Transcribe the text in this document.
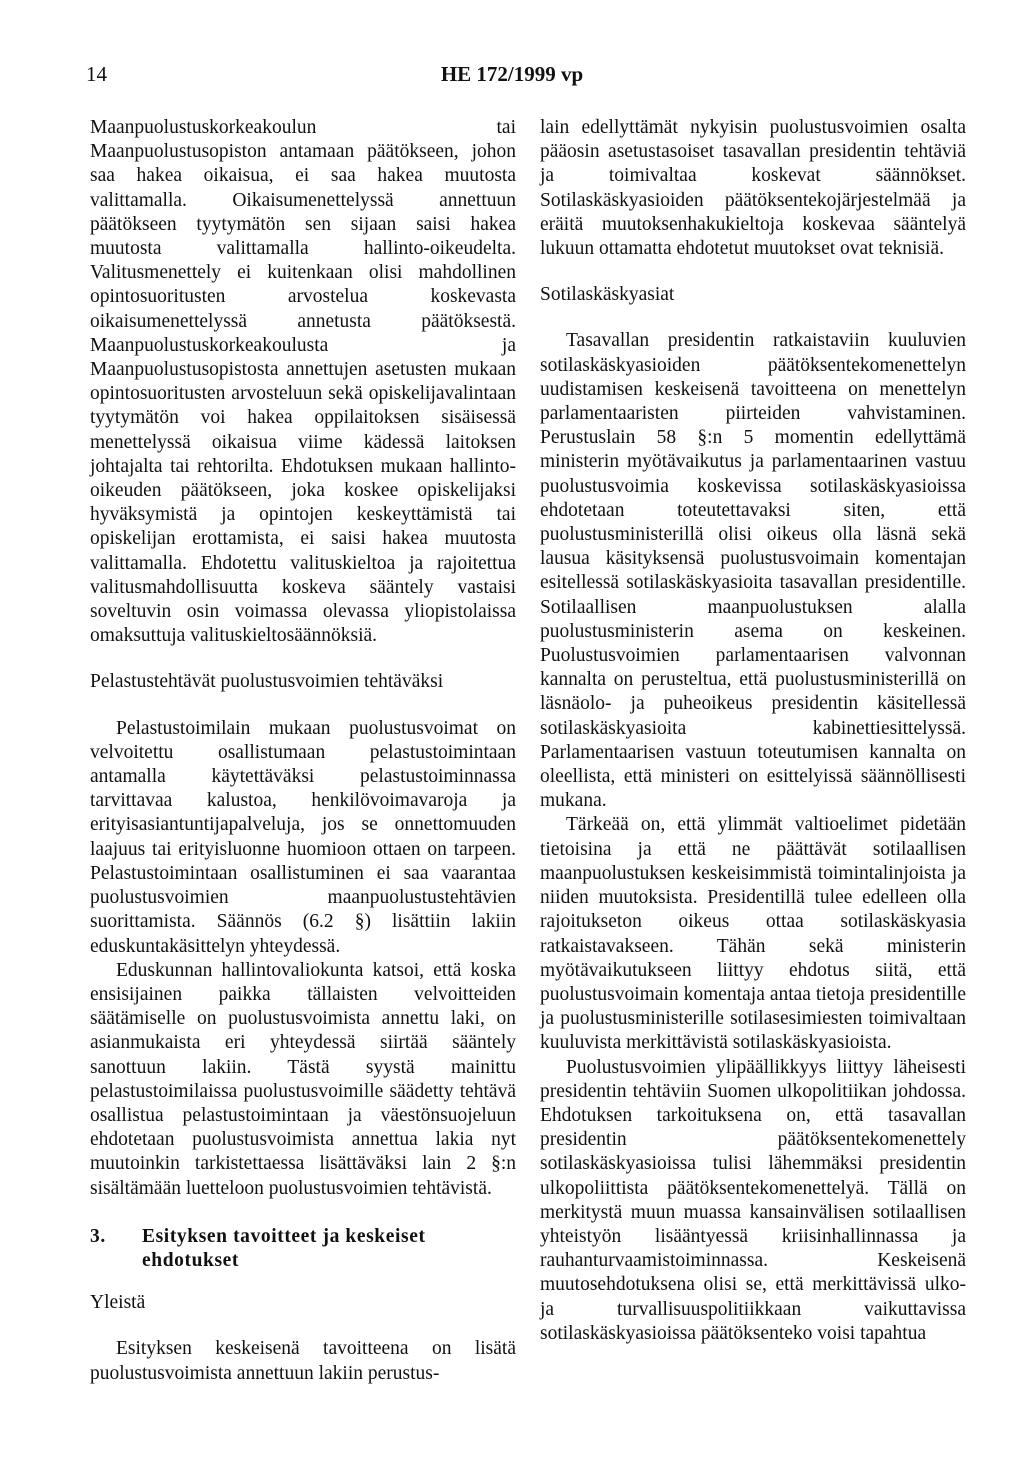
14	HE 172/1999 vp

Maanpuolustuskorkeakoulun tai Maanpuolustusopiston antamaan päätökseen, johon saa hakea oikaisua, ei saa hakea muutosta valittamalla. Oikaisumenettelyssä annettuun päätökseen tyytymätön sen sijaan saisi hakea muutosta valittamalla hallinto-oikeudelta. Valitusmenettely ei kuitenkaan olisi mahdollinen opintosuoritusten arvostelua koskevasta oikaisumenettelyssä annetusta päätöksestä. Maanpuolustuskorkeakoulusta ja Maanpuolustusopistosta annettujen asetusten mukaan opintosuoritusten arvosteluun sekä opiskelijavalintaan tyytymätön voi hakea oppilaitoksen sisäisessä menettelyssä oikaisua viime kädessä laitoksen johtajalta tai rehtorilta. Ehdotuksen mukaan hallinto-oikeuden päätökseen, joka koskee opiskelijaksi hyväksymistä ja opintojen keskeyttämistä tai opiskelijan erottamista, ei saisi hakea muutosta valittamalla. Ehdotettu valituskieltoa ja rajoitettua valitusmahdollisuutta koskeva sääntely vastaisi soveltuvin osin voimassa olevassa yliopistolaissa omaksuttuja valituskieltosäännöksiä.

Pelastustehtävät puolustusvoimien tehtäväksi

Pelastustoimilain mukaan puolustusvoimat on velvoitettu osallistumaan pelastustoimintaan antamalla käytettäväksi pelastustoiminnassa tarvittavaa kalustoa, henkilövoimavaroja ja erityisasiantuntijapalveluja, jos se onnettomuuden laajuus tai erityisluonne huomioon ottaen on tarpeen. Pelastustoimintaan osallistuminen ei saa vaarantaa puolustusvoimien maanpuolustustehtävien suorittamista. Säännös (6.2 §) lisättiin lakiin eduskuntakäsittelyn yhteydessä.

Eduskunnan hallintovaliokunta katsoi, että koska ensisijainen paikka tällaisten velvoitteiden säätämiselle on puolustusvoimista annettu laki, on asianmukaista eri yhteydessä siirtää sääntely sanottuun lakiin. Tästä syystä mainittu pelastustoimilaissa puolustusvoimille säädetty tehtävä osallistua pelastustoimintaan ja väestönsuojeluun ehdotetaan puolustusvoimista annettua lakia nyt muutoinkin tarkistettaessa lisättäväksi lain 2 §:n sisältämään luetteloon puolustusvoimien tehtävistä.

3.	Esityksen tavoitteet ja keskeiset ehdotukset
Yleistä

Esityksen keskeisenä tavoitteena on lisätä puolustusvoimista annettuun lakiin perustus-

lain edellyttämät nykyisin puolustusvoimien osalta pääosin asetustasoiset tasavallan presidentin tehtäviä ja toimivaltaa koskevat säännökset. Sotilaskäskyasioiden päätöksentekojärjestelmää ja eräitä muutoksenhakukieltoja koskevaa sääntelyä lukuun ottamatta ehdotetut muutokset ovat teknisiä.

Sotilaskäskyasiat

Tasavallan presidentin ratkaistaviin kuuluvien sotilaskäskyasioiden päätöksentekomenettelyn uudistamisen keskeisenä tavoitteena on menettelyn parlamentaaristen piirteiden vahvistaminen. Perustuslain 58 §:n 5 momentin edellyttämä ministerin myötävaikutus ja parlamentaarinen vastuu puolustusvoimia koskevissa sotilaskäskyasioissa ehdotetaan toteutettavaksi siten, että puolustusministerillä olisi oikeus olla läsnä sekä lausua käsityksensä puolustusvoimain komentajan esitellessä sotilaskäskyasioita tasavallan presidentille. Sotilaallisen maanpuolustuksen alalla puolustusministerin asema on keskeinen. Puolustusvoimien parlamentaarisen valvonnan kannalta on perusteltua, että puolustusministerillä on läsnäolo- ja puheoikeus presidentin käsitellessä sotilaskäskyasioita kabinettiesittelyssä. Parlamentaarisen vastuun toteutumisen kannalta on oleellista, että ministeri on esittelyissä säännöllisesti mukana.

Tärkeää on, että ylimmät valtioelimet pidetään tietoisina ja että ne päättävät sotilaallisen maanpuolustuksen keskeisimmistä toimintalinjoista ja niiden muutoksista. Presidentillä tulee edelleen olla rajoitukseton oikeus ottaa sotilaskäskyasia ratkaistavakseen. Tähän sekä ministerin myötävaikutukseen liittyy ehdotus siitä, että puolustusvoimain komentaja antaa tietoja presidentille ja puolustusministerille sotilasesimiesten toimivaltaan kuuluvista merkittävistä sotilaskäskyasioista.

Puolustusvoimien ylipäällikkyys liittyy läheisesti presidentin tehtäviin Suomen ulkopolitiikan johdossa. Ehdotuksen tarkoituksena on, että tasavallan presidentin päätöksentekomenettely sotilaskäskyasioissa tulisi lähemmäksi presidentin ulkopoliittista päätöksentekomenettelyä. Tällä on merkitystä muun muassa kansainvälisen sotilaallisen yhteistyön lisääntyessä kriisinhallinnassa ja rauhanturvaamistoiminnassa. Keskeisenä muutosehdotuksena olisi se, että merkittävissä ulko- ja turvallisuuspolitiikkaan vaikuttavissa sotilaskäskyasioissa päätöksenteko voisi tapahtua
